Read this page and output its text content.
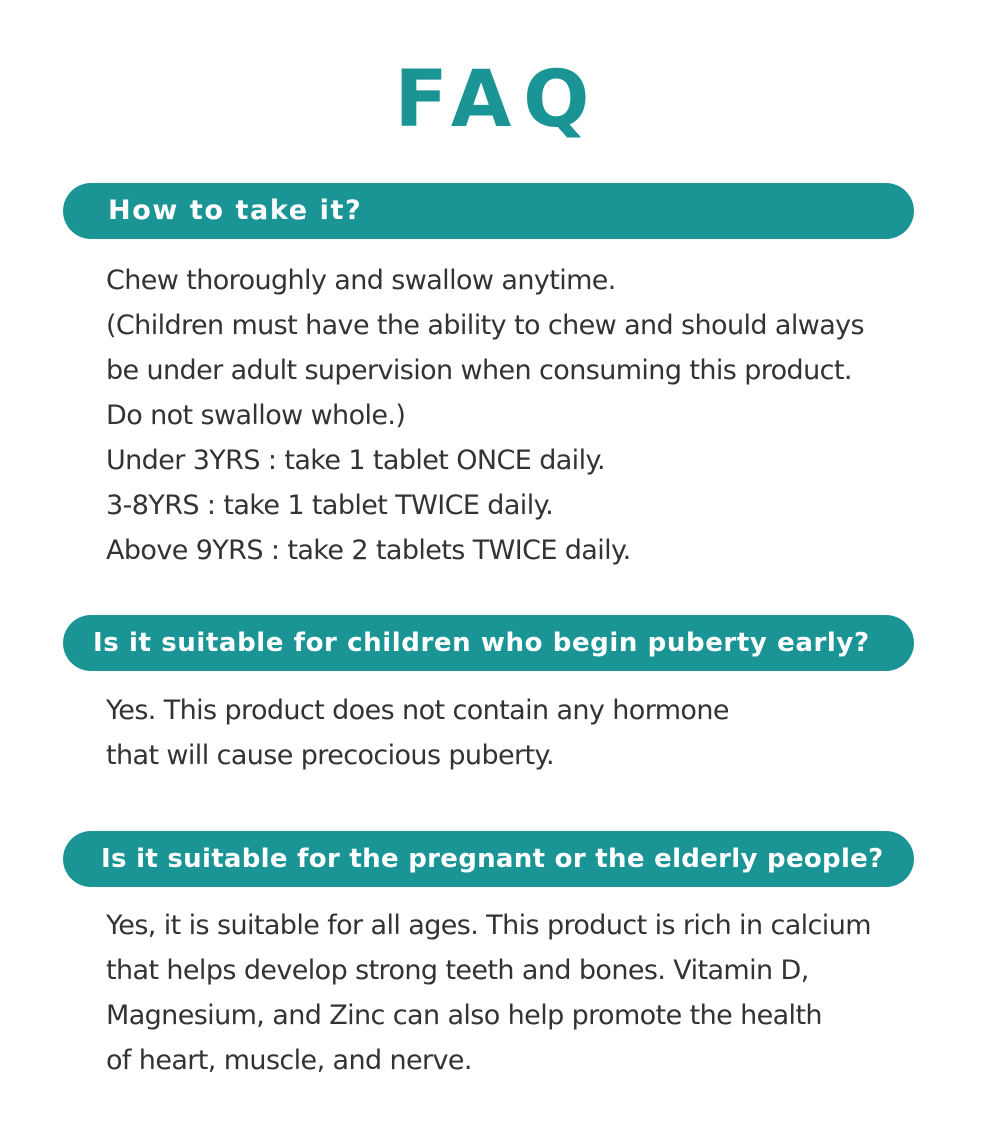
FAQ
How to take it?
Chew thoroughly and swallow anytime.
(Children must have the ability to chew and should always
be under adult supervision when consuming this product.
Do not swallow whole.)
Under 3YRS : take 1 tablet ONCE daily.
3-8YRS : take 1 tablet TWICE daily.
Above 9YRS : take 2 tablets TWICE daily.
Is it suitable for children who begin puberty early?
Yes. This product does not contain any hormone
that will cause precocious puberty.
Is it suitable for the pregnant or the elderly people?
Yes, it is suitable for all ages. This product is rich in calcium
that helps develop strong teeth and bones. Vitamin D,
Magnesium, and Zinc can also help promote the health
of heart, muscle, and nerve.
